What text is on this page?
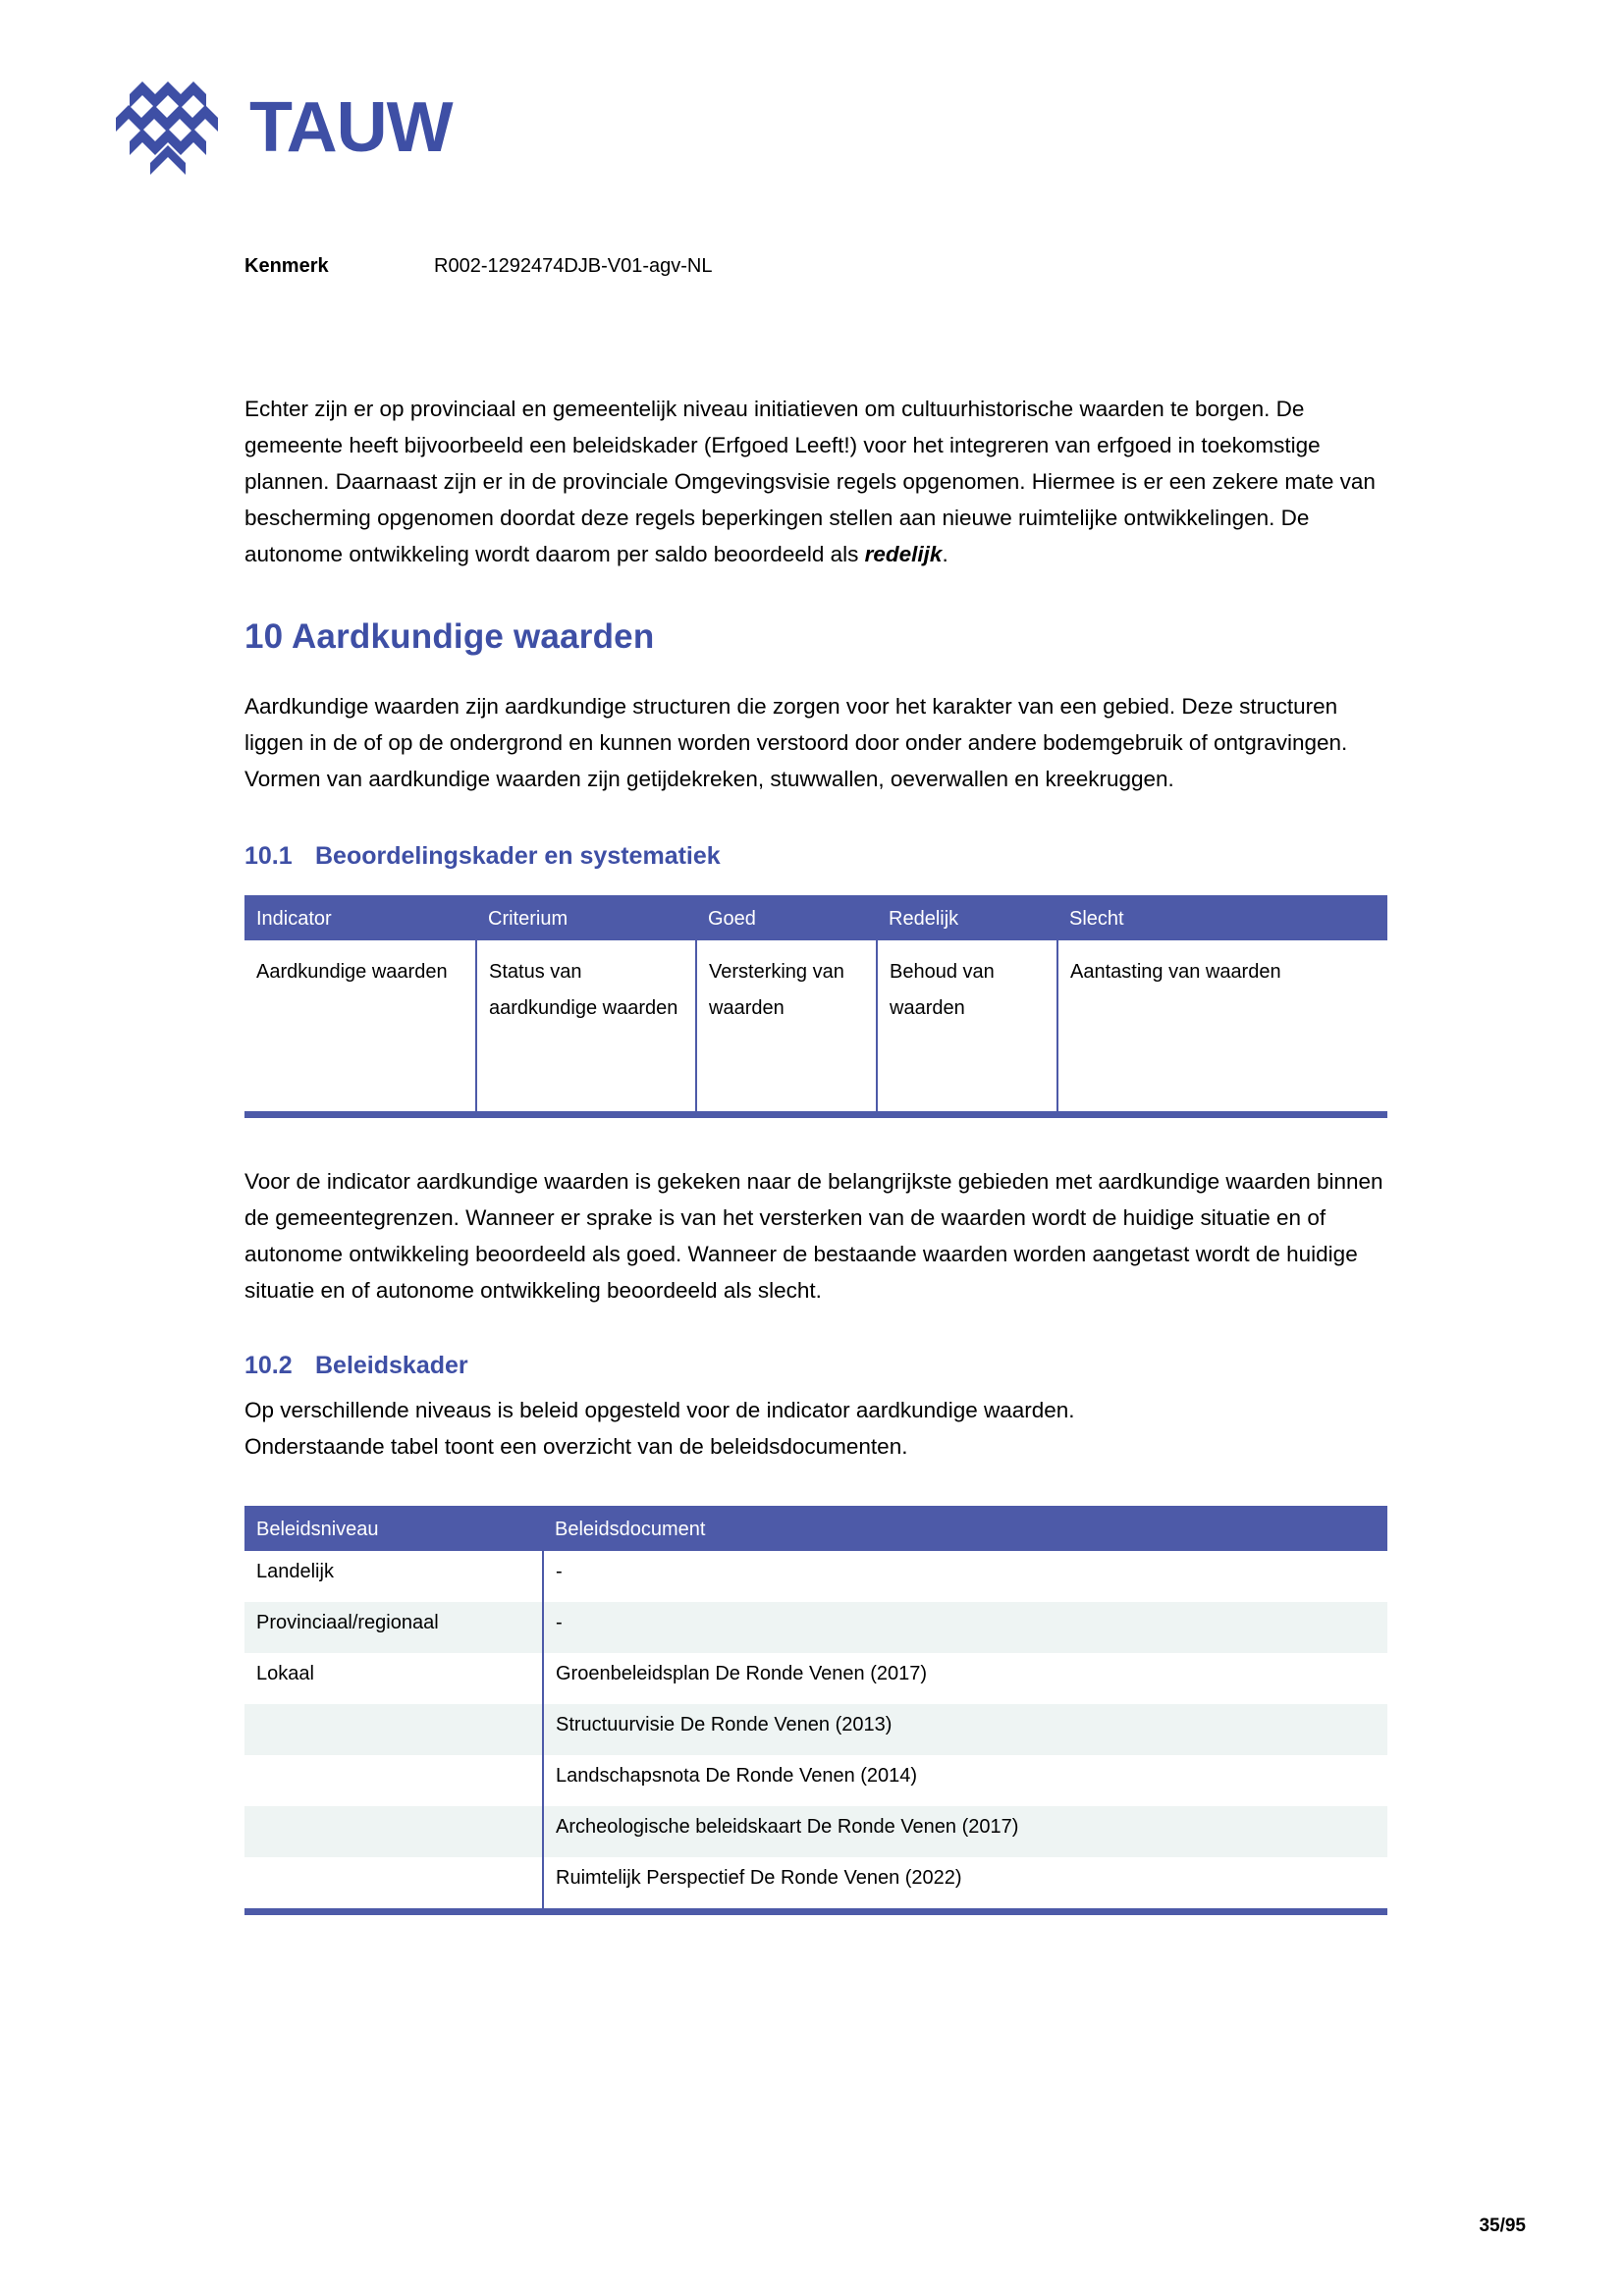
TAUW
Kenmerk	R002-1292474DJB-V01-agv-NL

Echter zijn er op provinciaal en gemeentelijk niveau initiatieven om cultuurhistorische waarden te borgen. De gemeente heeft bijvoorbeeld een beleidskader (Erfgoed Leeft!) voor het integreren van erfgoed in toekomstige plannen. Daarnaast zijn er in de provinciale Omgevingsvisie regels opgenomen. Hiermee is er een zekere mate van bescherming opgenomen doordat deze regels beperkingen stellen aan nieuwe ruimtelijke ontwikkelingen. De autonome ontwikkeling wordt daarom per saldo beoordeeld als redelijk.

10 Aardkundige waarden

Aardkundige waarden zijn aardkundige structuren die zorgen voor het karakter van een gebied. Deze structuren liggen in de of op de ondergrond en kunnen worden verstoord door onder andere bodemgebruik of ontgravingen. Vormen van aardkundige waarden zijn getijdekreken, stuwwallen, oeverwallen en kreekruggen.

10.1 Beoordelingskader en systematiek
Indicator	Criterium	Goed	Redelijk	Slecht
Aardkundige waarden	Status van aardkundige waarden	Versterking van waarden	Behoud van waarden	Aantasting van waarden

Voor de indicator aardkundige waarden is gekeken naar de belangrijkste gebieden met aardkundige waarden binnen de gemeentegrenzen. Wanneer er sprake is van het versterken van de waarden wordt de huidige situatie en of autonome ontwikkeling beoordeeld als goed. Wanneer de bestaande waarden worden aangetast wordt de huidige situatie en of autonome ontwikkeling beoordeeld als slecht.

10.2 Beleidskader

Op verschillende niveaus is beleid opgesteld voor de indicator aardkundige waarden.

Onderstaande tabel toont een overzicht van de beleidsdocumenten.

Beleidsniveau	Beleidsdocument
Landelijk	-
Provinciaal/regionaal	-
Lokaal	Groenbeleidsplan De Ronde Venen (2017)
	Structuurvisie De Ronde Venen (2013)
	Landschapsnota De Ronde Venen (2014)
	Archeologische beleidskaart De Ronde Venen (2017)
	Ruimtelijk Perspectief De Ronde Venen (2022)
35/95
